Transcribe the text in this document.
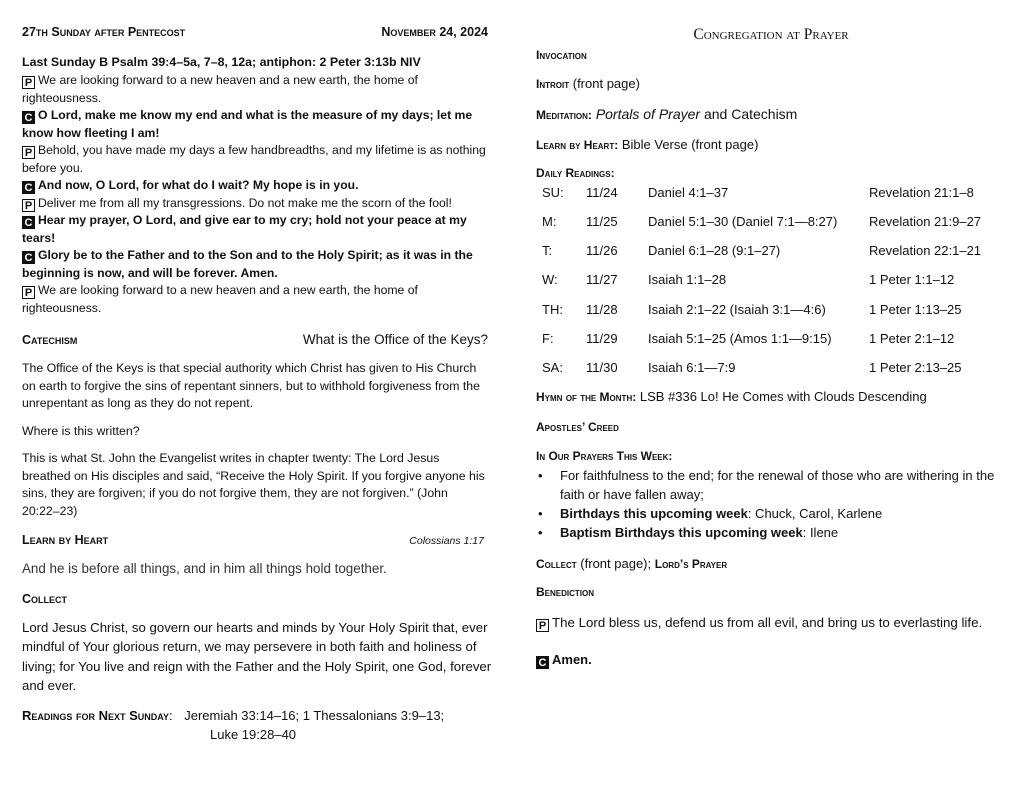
27th Sunday after Pentecost	November 24, 2024
Last Sunday B Psalm 39:4–5a, 7–8, 12a; antiphon: 2 Peter 3:13b NIV
P We are looking forward to a new heaven and a new earth, the home of righteousness.
C O Lord, make me know my end and what is the measure of my days; let me know how fleeting I am!
P Behold, you have made my days a few handbreadths, and my lifetime is as nothing before you.
C And now, O Lord, for what do I wait? My hope is in you.
P Deliver me from all my transgressions. Do not make me the scorn of the fool!
C Hear my prayer, O Lord, and give ear to my cry; hold not your peace at my tears!
C Glory be to the Father and to the Son and to the Holy Spirit; as it was in the beginning is now, and will be forever. Amen.
P We are looking forward to a new heaven and a new earth, the home of righteousness.
Catechism	What is the Office of the Keys?
The Office of the Keys is that special authority which Christ has given to His Church on earth to forgive the sins of repentant sinners, but to withhold forgiveness from the unrepentant as long as they do not repent.
Where is this written?
This is what St. John the Evangelist writes in chapter twenty: The Lord Jesus breathed on His disciples and said, “Receive the Holy Spirit. If you forgive anyone his sins, they are forgiven; if you do not forgive them, they are not forgiven.” (John 20:22–23)
Learn by Heart	Colossians 1:17
And he is before all things, and in him all things hold together.
Collect
Lord Jesus Christ, so govern our hearts and minds by Your Holy Spirit that, ever mindful of Your glorious return, we may persevere in both faith and holiness of living; for You live and reign with the Father and the Holy Spirit, one God, forever and ever.
Readings for Next Sunday: Jeremiah 33:14–16; 1 Thessalonians 3:9–13;
Luke 19:28–40
Congregation at Prayer
Invocation
Introit (front page)
Meditation: Portals of Prayer and Catechism
Learn by Heart: Bible Verse (front page)
Daily Readings:
SU: 11/24 Daniel 4:1–37	Revelation 21:1–8
M: 11/25 Daniel 5:1–30 (Daniel 7:1—8:27) Revelation 21:9–27
T:	11/26 Daniel 6:1–28 (9:1–27)	Revelation 22:1–21
W: 11/27 Isaiah 1:1–28	1 Peter 1:1–12
TH: 11/28 Isaiah 2:1–22 (Isaiah 3:1—4:6)	1 Peter 1:13–25
F: 11/29 Isaiah 5:1–25 (Amos 1:1—9:15)	1 Peter 2:1–12
SA: 11/30 Isaiah 6:1—7:9	1 Peter 2:13–25
Hymn of the Month: LSB #336 Lo! He Comes with Clouds Descending
Apostles’ Creed
In Our Prayers This Week:
• For faithfulness to the end; for the renewal of those who are withering in the faith or have fallen away;
• Birthdays this upcoming week: Chuck, Carol, Karlene
• Baptism Birthdays this upcoming week: Ilene
Collect (front page); Lord’s Prayer
Benediction
P The Lord bless us, defend us from all evil, and bring us to everlasting life.
C Amen.
